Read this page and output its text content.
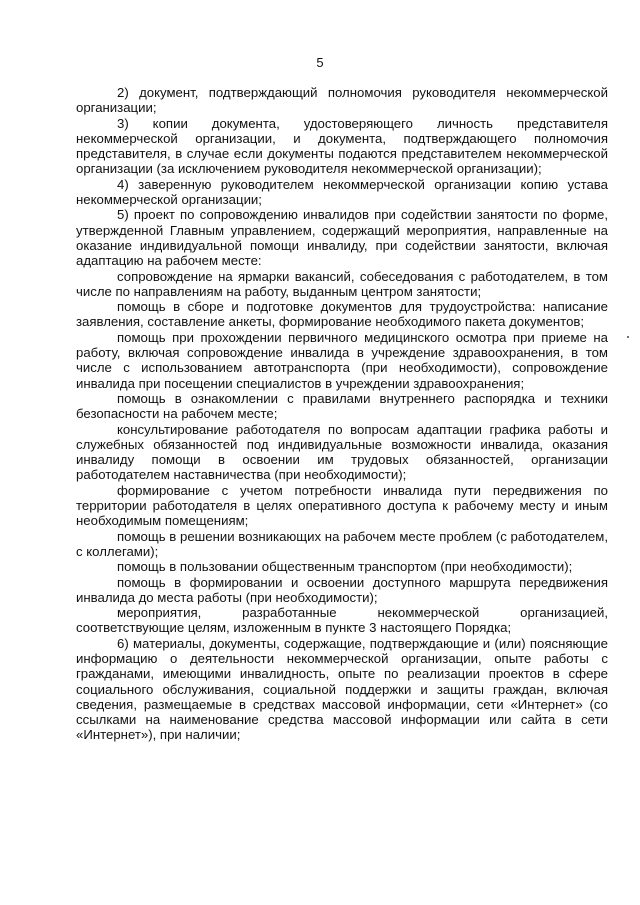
5

2) документ, подтверждающий полномочия руководителя некоммерческой организации;

3) копии документа, удостоверяющего личность представителя некоммерческой организации, и документа, подтверждающего полномочия представителя, в случае если документы подаются представителем некоммерческой организации (за исключением руководителя некоммерческой организации);

4) заверенную руководителем некоммерческой организации копию устава некоммерческой организации;

5) проект по сопровождению инвалидов при содействии занятости по форме, утвержденной Главным управлением, содержащий мероприятия, направленные на оказание индивидуальной помощи инвалиду, при содействии занятости, включая адаптацию на рабочем месте:

сопровождение на ярмарки вакансий, собеседования с работодателем, в том числе по направлениям на работу, выданным центром занятости;

помощь в сборе и подготовке документов для трудоустройства: написание заявления, составление анкеты, формирование необходимого пакета документов;

помощь при прохождении первичного медицинского осмотра при приеме на работу, включая сопровождение инвалида в учреждение здравоохранения, в том числе с использованием автотранспорта (при необходимости), сопровождение инвалида при посещении специалистов в учреждении здравоохранения;

помощь в ознакомлении с правилами внутреннего распорядка и техники безопасности на рабочем месте;

консультирование работодателя по вопросам адаптации графика работы и служебных обязанностей под индивидуальные возможности инвалида, оказания инвалиду помощи в освоении им трудовых обязанностей, организации работодателем наставничества (при необходимости);

формирование с учетом потребности инвалида пути передвижения по территории работодателя в целях оперативного доступа к рабочему месту и иным необходимым помещениям;

помощь в решении возникающих на рабочем месте проблем (с работодателем, с коллегами);

помощь в пользовании общественным транспортом (при необходимости);

помощь в формировании и освоении доступного маршрута передвижения инвалида до места работы (при необходимости);

мероприятия, разработанные некоммерческой организацией, соответствующие целям, изложенным в пункте 3 настоящего Порядка;

6) материалы, документы, содержащие, подтверждающие и (или) поясняющие информацию о деятельности некоммерческой организации, опыте работы с гражданами, имеющими инвалидность, опыте по реализации проектов в сфере социального обслуживания, социальной поддержки и защиты граждан, включая сведения, размещаемые в средствах массовой информации, сети «Интернет» (со ссылками на наименование средства массовой информации или сайта в сети «Интернет»), при наличии;
